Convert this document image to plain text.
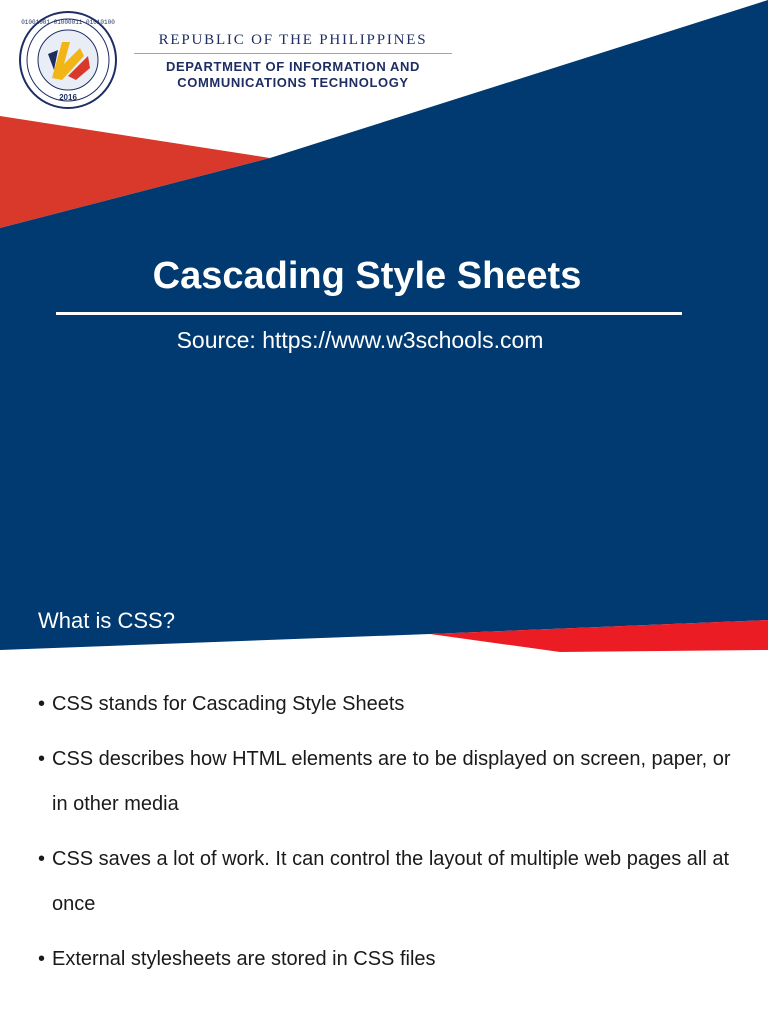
2016
01001001 01000011 01010100
REPUBLIC OF THE PHILIPPINES
DEPARTMENT OF INFORMATION AND
COMMUNICATIONS TECHNOLOGY
Cascading Style Sheets
Source: https://www.w3schools.com
What is CSS?
• CSS stands for Cascading Style Sheets
• CSS describes how HTML elements are to be displayed on screen, paper, or in other media
• CSS saves a lot of work. It can control the layout of multiple web pages all at once
• External stylesheets are stored in CSS files
